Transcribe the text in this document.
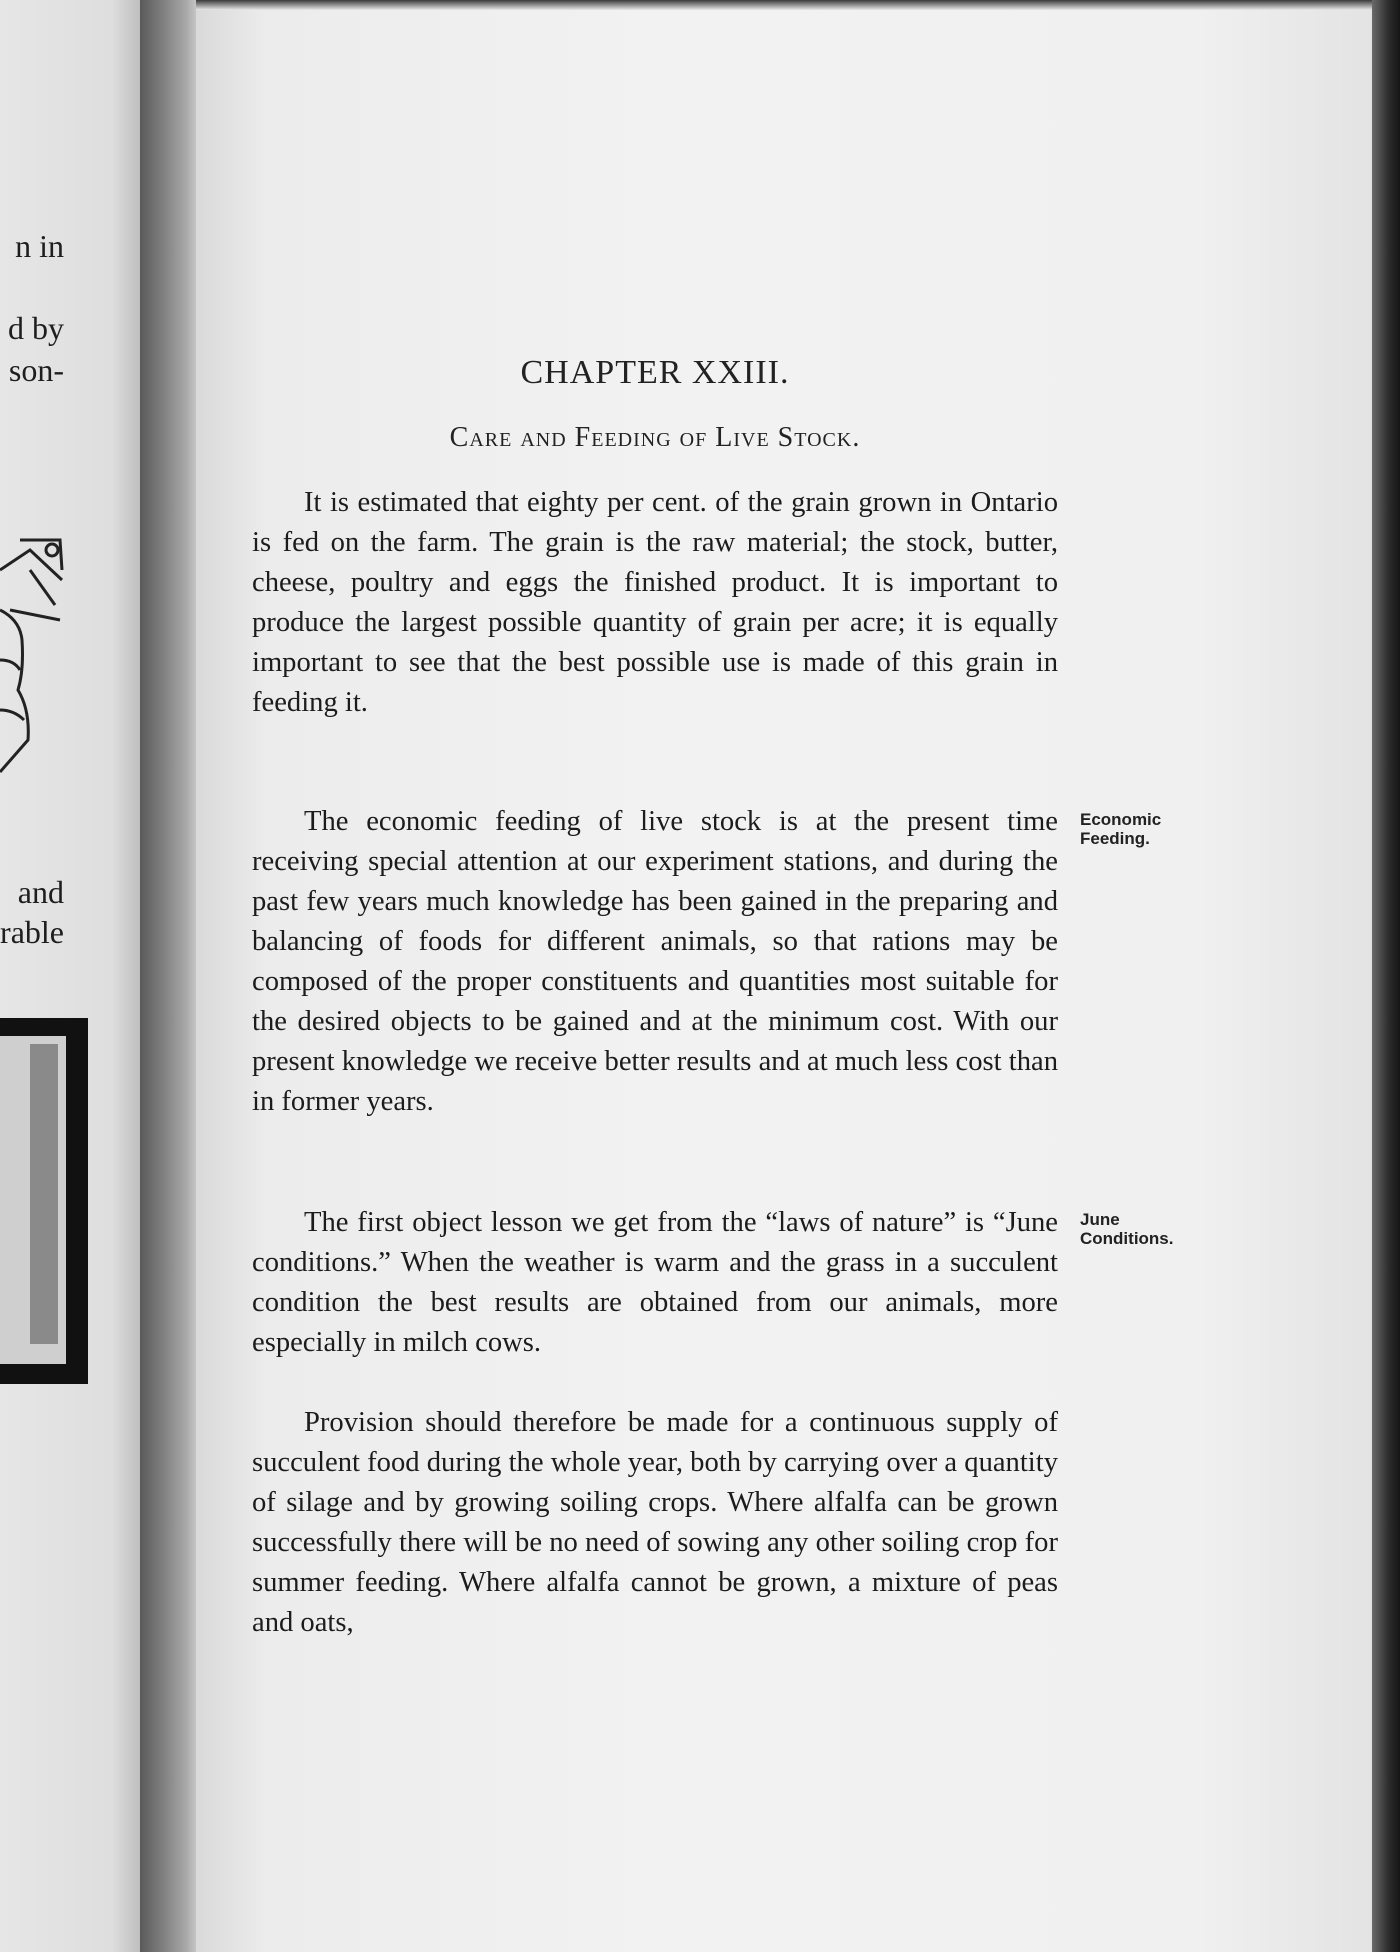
n in
d by
son-
and
rable
CHAPTER XXIII.
Care and Feeding of Live Stock.

It is estimated that eighty per cent. of the grain grown in Ontario is fed on the farm. The grain is the raw material; the stock, butter, cheese, poultry and eggs the finished product. It is important to produce the largest possible quantity of grain per acre; it is equally important to see that the best possible use is made of this grain in feeding it.

The economic feeding of live stock is at the present time receiving special attention at our experiment stations, and during the past few years much knowledge has been gained in the preparing and balancing of foods for different animals, so that rations may be composed of the proper constituents and quantities most suitable for the desired objects to be gained and at the minimum cost. With our present knowledge we receive better results and at much less cost than in former years.

The first object lesson we get from the “laws of nature” is “June conditions.” When the weather is warm and the grass in a succulent condition the best results are obtained from our animals, more especially in milch cows.

Provision should therefore be made for a continuous supply of succulent food during the whole year, both by carrying over a quantity of silage and by growing soiling crops. Where alfalfa can be grown successfully there will be no need of sowing any other soiling crop for summer feeding. Where alfalfa cannot be grown, a mixture of peas and oats,

Economic
Feeding.
June
Conditions.
